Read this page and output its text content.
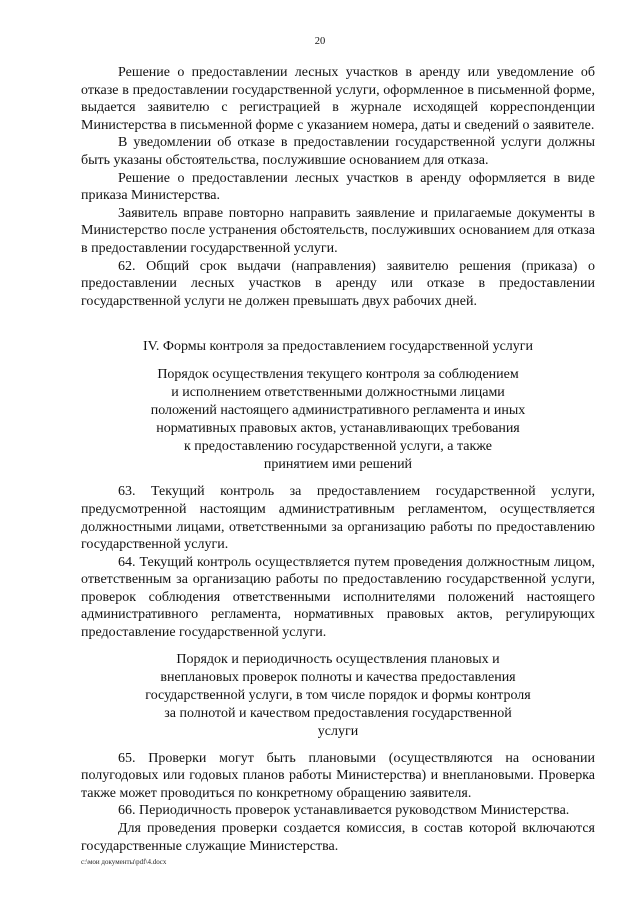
20

Решение о предоставлении лесных участков в аренду или уведомление об отказе в предоставлении государственной услуги, оформленное в письменной форме, выдается заявителю с регистрацией в журнале исходящей корреспонденции Министерства в письменной форме с указанием номера, даты и сведений о заявителе.

В уведомлении об отказе в предоставлении государственной услуги должны быть указаны обстоятельства, послужившие основанием для отказа.

Решение о предоставлении лесных участков в аренду оформляется в виде приказа Министерства.

Заявитель вправе повторно направить заявление и прилагаемые документы в Министерство после устранения обстоятельств, послуживших основанием для отказа в предоставлении государственной услуги.

62. Общий срок выдачи (направления) заявителю решения (приказа) о предоставлении лесных участков в аренду или отказе в предоставлении государственной услуги не должен превышать двух рабочих дней.

IV. Формы контроля за предоставлением государственной услуги
Порядок осуществления текущего контроля за соблюдением
и исполнением ответственными должностными лицами
положений настоящего административного регламента и иных
нормативных правовых актов, устанавливающих требования
к предоставлению государственной услуги, а также
принятием ими решений

63. Текущий контроль за предоставлением государственной услуги, предусмотренной настоящим административным регламентом, осуществляется должностными лицами, ответственными за организацию работы по предоставлению государственной услуги.

64. Текущий контроль осуществляется путем проведения должностным лицом, ответственным за организацию работы по предоставлению государственной услуги, проверок соблюдения ответственными исполнителями положений настоящего административного регламента, нормативных правовых актов, регулирующих предоставление государственной услуги.

Порядок и периодичность осуществления плановых и
внеплановых проверок полноты и качества предоставления
государственной услуги, в том числе порядок и формы контроля
за полнотой и качеством предоставления государственной
услуги

65. Проверки могут быть плановыми (осуществляются на основании полугодовых или годовых планов работы Министерства) и внеплановыми. Проверка также может проводиться по конкретному обращению заявителя.

66. Периодичность проверок устанавливается руководством Министерства.

Для проведения проверки создается комиссия, в состав которой включаются государственные служащие Министерства.

c:\мои документы\pdf\4.docx
